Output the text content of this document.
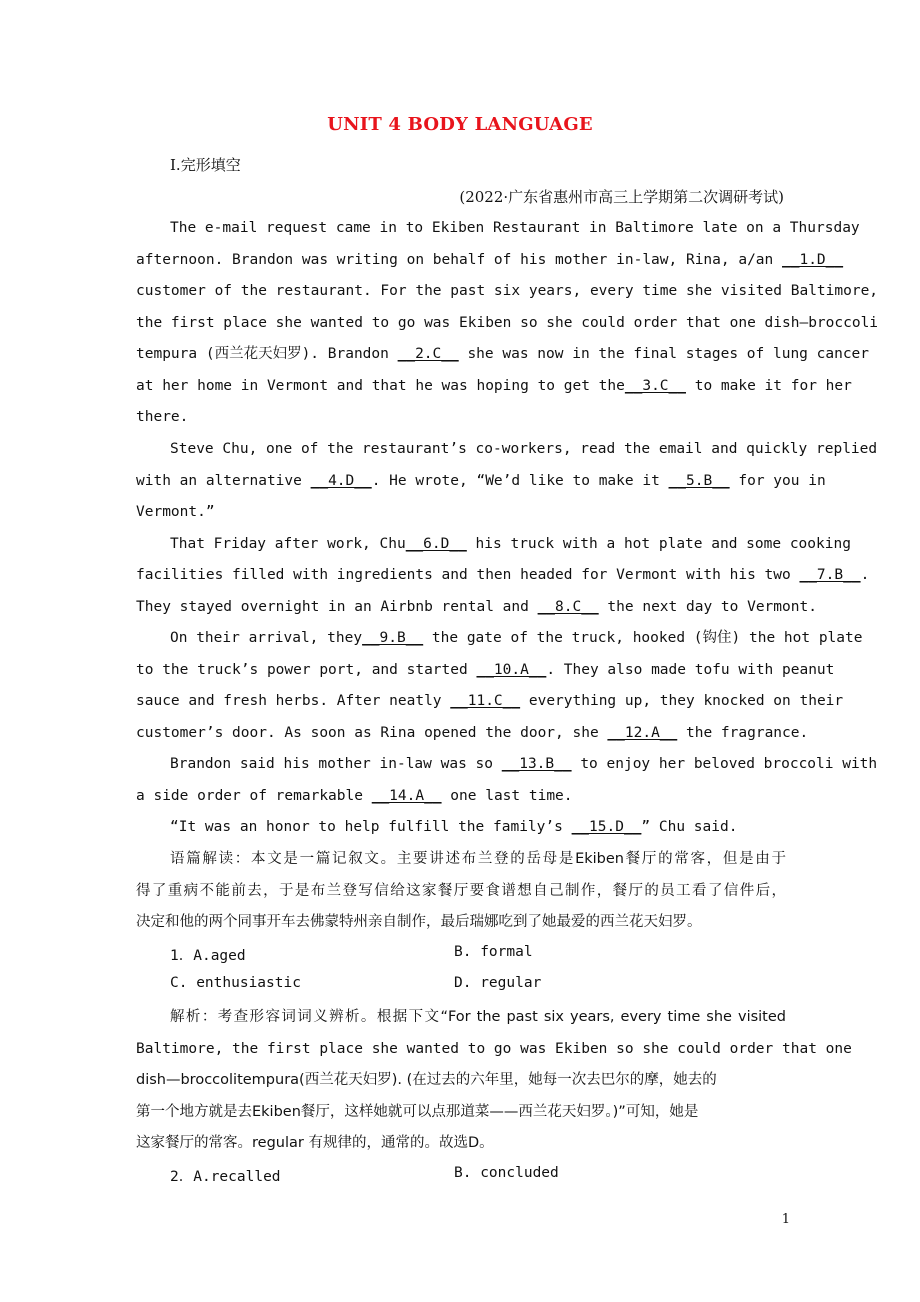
UNIT 4 BODY LANGUAGE
Ⅰ.完形填空
(2022·广东省惠州市高三上学期第二次调研考试)
The e-mail request came in to Ekiben Restaurant in Baltimore late on a Thursday
afternoon. Brandon was writing on behalf of his mother in-law, Rina, a/an __1.D__
customer of the restaurant. For the past six years, every time she visited Baltimore,
the first place she wanted to go was Ekiben so she could order that one dish—broccoli
tempura (西兰花天妇罗). Brandon __2.C__ she was now in the final stages of lung cancer
at her home in Vermont and that he was hoping to get the__3.C__ to make it for her
there.
Steve Chu, one of the restaurant’s co-workers, read the email and quickly replied
with an alternative __4.D__. He wrote, “We’d like to make it __5.B__ for you in
Vermont.”
That Friday after work, Chu__6.D__ his truck with a hot plate and some cooking
facilities filled with ingredients and then headed for Vermont with his two __7.B__.
They stayed overnight in an Airbnb rental and __8.C__ the next day to Vermont.
On their arrival, they__9.B__ the gate of the truck, hooked (钩住) the hot plate
to the truck’s power port, and started __10.A__. They also made tofu with peanut
sauce and fresh herbs. After neatly __11.C__ everything up, they knocked on their
customer’s door. As soon as Rina opened the door, she __12.A__ the fragrance.
Brandon said his mother in-law was so __13.B__ to enjoy her beloved broccoli with
a side order of remarkable __14.A__ one last time.
“It was an honor to help fulfill the family’s __15.D__” Chu said.
语篇解读：本文是一篇记叙文。主要讲述布兰登的岳母是Ekiben餐厅的常客，但是由于
得了重病不能前去，于是布兰登写信给这家餐厅要食谱想自己制作，餐厅的员工看了信件后，
决定和他的两个同事开车去佛蒙特州亲自制作，最后瑞娜吃到了她最爱的西兰花天妇罗。
1．A.aged	B. formal
C. enthusiastic	D. regular
解析：考查形容词词义辨析。根据下文“For the past six years, every time she visited
Baltimore, the first place she wanted to go was Ekiben so she could order that one
dish—broccolitempura(西兰花天妇罗). (在过去的六年里，她每一次去巴尔的摩，她去的
第一个地方就是去Ekiben餐厅，这样她就可以点那道菜——西兰花天妇罗。)”可知，她是
这家餐厅的常客。regular 有规律的，通常的。故选D。
2．A.recalled	B. concluded
1
